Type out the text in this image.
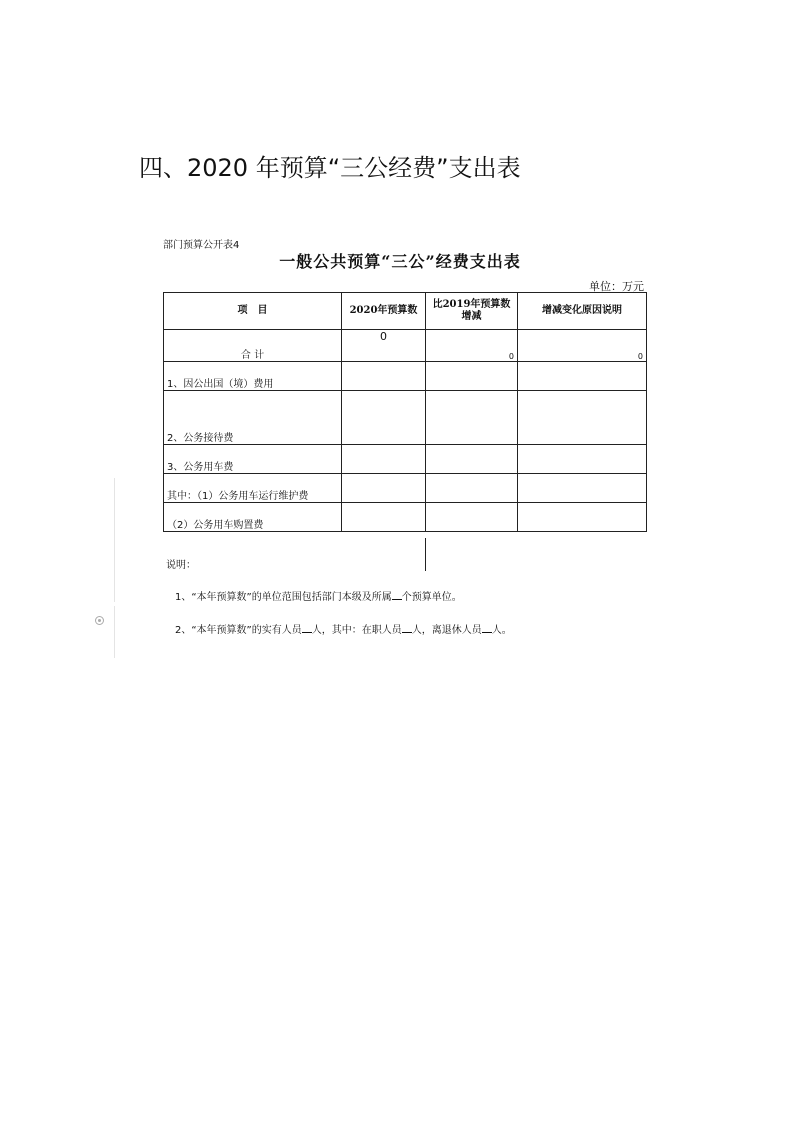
四、2020 年预算“三公经费”支出表
部门预算公开表4
一般公共预算“三公”经费支出表
单位：万元
项　目	2020年预算数	比2019年预算数增减	增减变化原因说明
合 计	0	0	0
1、因公出国（境）费用			
2、公务接待费			
3、公务用车费			
其中：（1）公务用车运行维护费			
（2）公务用车购置费			
说明：
1、“本年预算数”的单位范围包括部门本级及所属 个预算单位。
2、“本年预算数”的实有人员 人，其中：在职人员 人，离退休人员 人。
